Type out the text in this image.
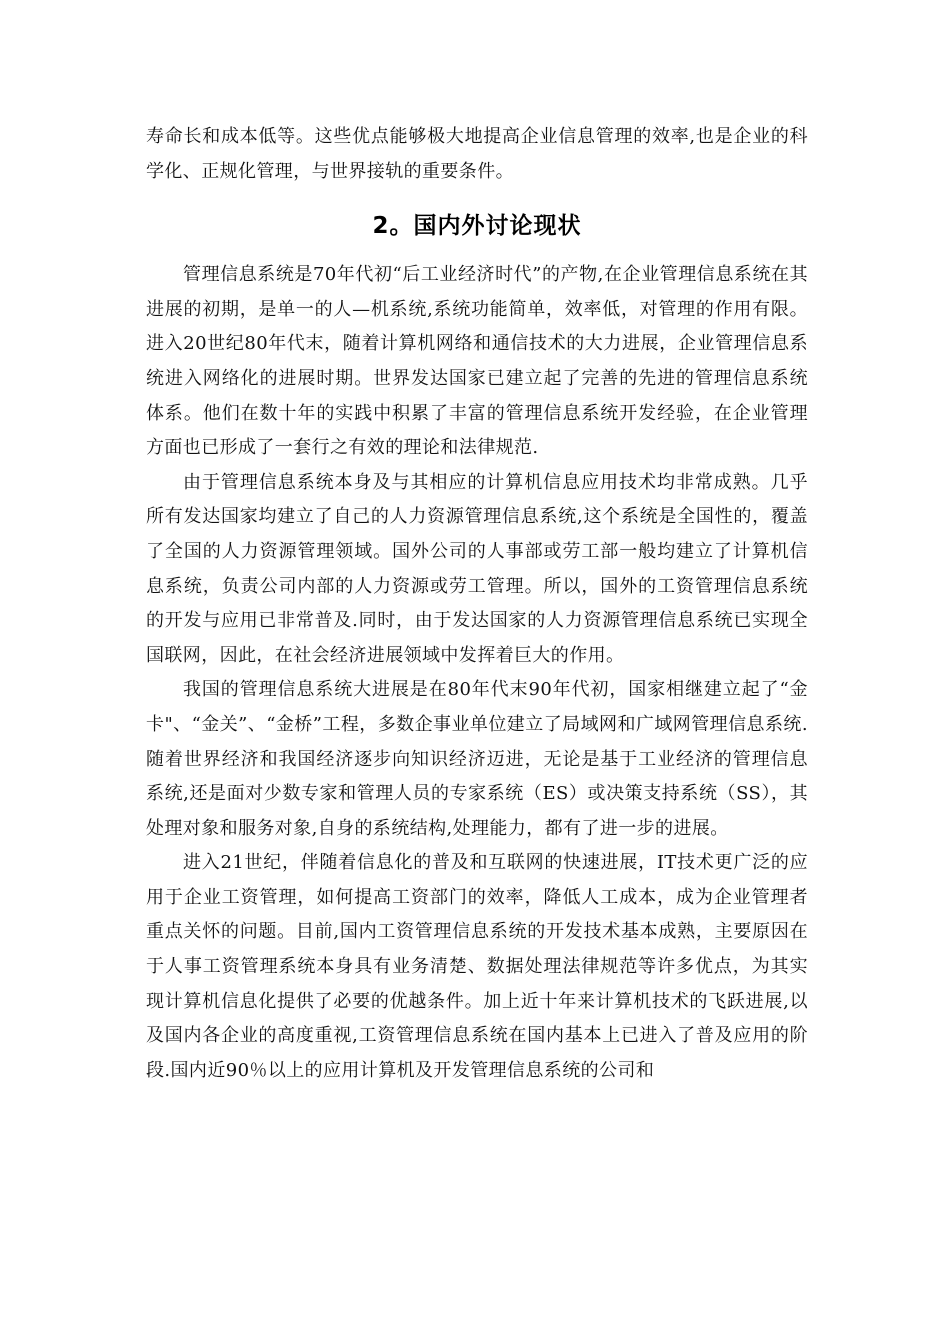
寿命长和成本低等。这些优点能够极大地提高企业信息管理的效率,也是企业的科学化、正规化管理，与世界接轨的重要条件。

2。国内外讨论现状

管理信息系统是70年代初“后工业经济时代”的产物,在企业管理信息系统在其进展的初期，是单一的人—机系统,系统功能简单，效率低，对管理的作用有限。进入20世纪80年代末，随着计算机网络和通信技术的大力进展，企业管理信息系统进入网络化的进展时期。世界发达国家已建立起了完善的先进的管理信息系统体系。他们在数十年的实践中积累了丰富的管理信息系统开发经验，在企业管理方面也已形成了一套行之有效的理论和法律规范.

由于管理信息系统本身及与其相应的计算机信息应用技术均非常成熟。几乎所有发达国家均建立了自己的人力资源管理信息系统,这个系统是全国性的，覆盖了全国的人力资源管理领域。国外公司的人事部或劳工部一般均建立了计算机信息系统，负责公司内部的人力资源或劳工管理。所以，国外的工资管理信息系统的开发与应用已非常普及.同时，由于发达国家的人力资源管理信息系统已实现全国联网，因此，在社会经济进展领域中发挥着巨大的作用。

我国的管理信息系统大进展是在80年代末90年代初，国家相继建立起了“金卡"、“金关”、“金桥”工程，多数企事业单位建立了局域网和广域网管理信息系统.随着世界经济和我国经济逐步向知识经济迈进，无论是基于工业经济的管理信息系统,还是面对少数专家和管理人员的专家系统（ES）或决策支持系统（SS），其处理对象和服务对象,自身的系统结构,处理能力，都有了进一步的进展。

进入21世纪，伴随着信息化的普及和互联网的快速进展，IT技术更广泛的应用于企业工资管理，如何提高工资部门的效率，降低人工成本，成为企业管理者重点关怀的问题。目前,国内工资管理信息系统的开发技术基本成熟，主要原因在于人事工资管理系统本身具有业务清楚、数据处理法律规范等许多优点，为其实现计算机信息化提供了必要的优越条件。加上近十年来计算机技术的飞跃进展,以及国内各企业的高度重视,工资管理信息系统在国内基本上已进入了普及应用的阶段.国内近90％以上的应用计算机及开发管理信息系统的公司和
